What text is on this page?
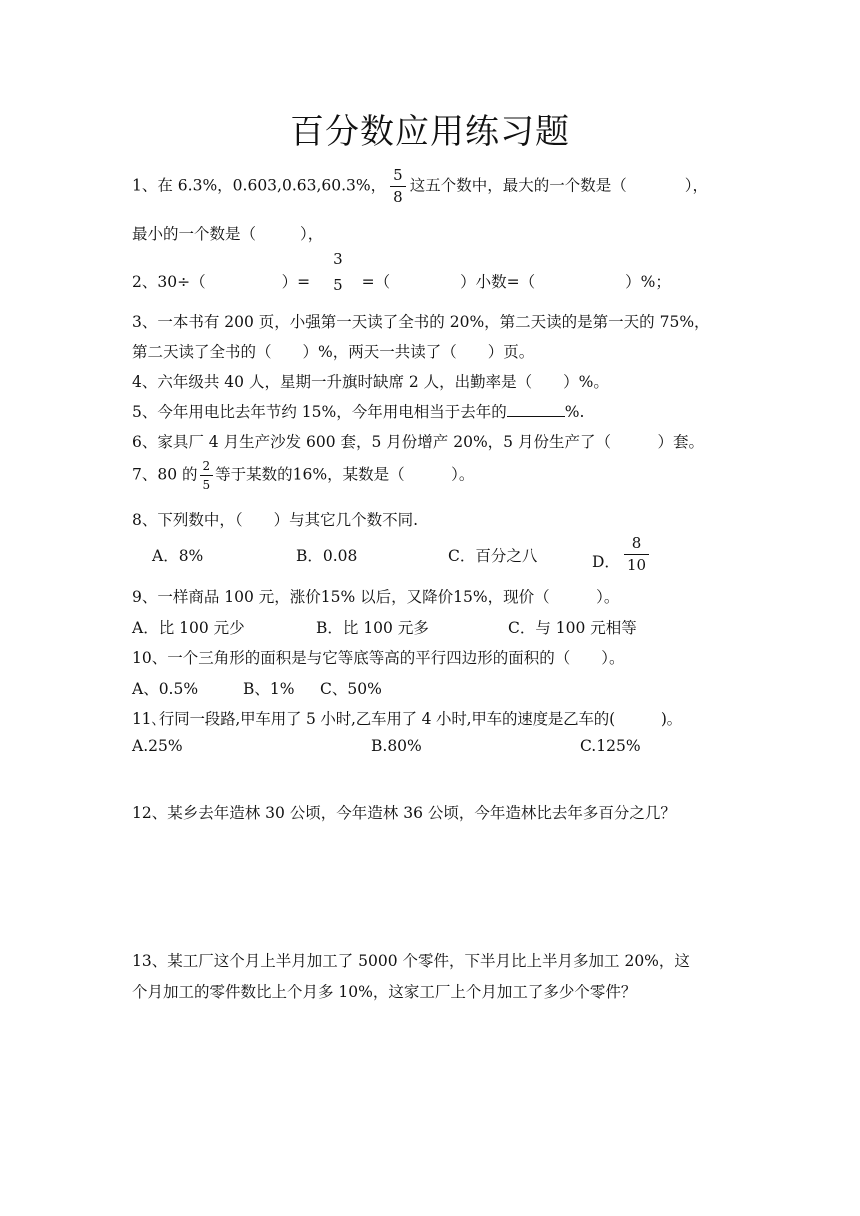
百分数应用练习题
1、在 6.3%，0.603,0.63,60.3%， $\frac{5}{8}$ 这五个数中，最大的一个数是（	），
最小的一个数是（	），
2、30÷（	）=
3
5 =（	）小数=（	）%；
3、一本书有 200 页，小强第一天读了全书的 20%，第二天读的是第一天的 75%，
第二天读了全书的（　　）%，两天一共读了（　　）页。
4、六年级共 40 人，星期一升旗时缺席 2 人，出勤率是（　　）%。
5、今年用电比去年节约 15%，今年用电相当于去年的	%.
6、家具厂 4 月生产沙发 600 套，5 月份增产 20%，5 月份生产了（　　　）套。
7、80 的 $\frac{2}{5}$ 等于某数的16%，某数是（　　　）。
8、下列数中，（　　）与其它几个数不同.
A．8%	B．0.08	C．百分之八	D． $\frac{8}{10}$
9、一样商品 100 元，涨价15% 以后，又降价15%，现价（　　　）。
A．比 100 元少	B．比 100 元多	C．与 100 元相等
10、一个三角形的面积是与它等底等高的平行四边形的面积的（　　）。
A、0.5%	B、1% C、50%
11､行同一段路,甲车用了 5 小时,乙车用了 4 小时,甲车的速度是乙车的(　　　)。
A.25%	B.80%	C.125%
12、某乡去年造林 30 公顷，今年造林 36 公顷，今年造林比去年多百分之几？
13、某工厂这个月上半月加工了 5000 个零件，下半月比上半月多加工 20%，这
个月加工的零件数比上个月多 10%，这家工厂上个月加工了多少个零件？
